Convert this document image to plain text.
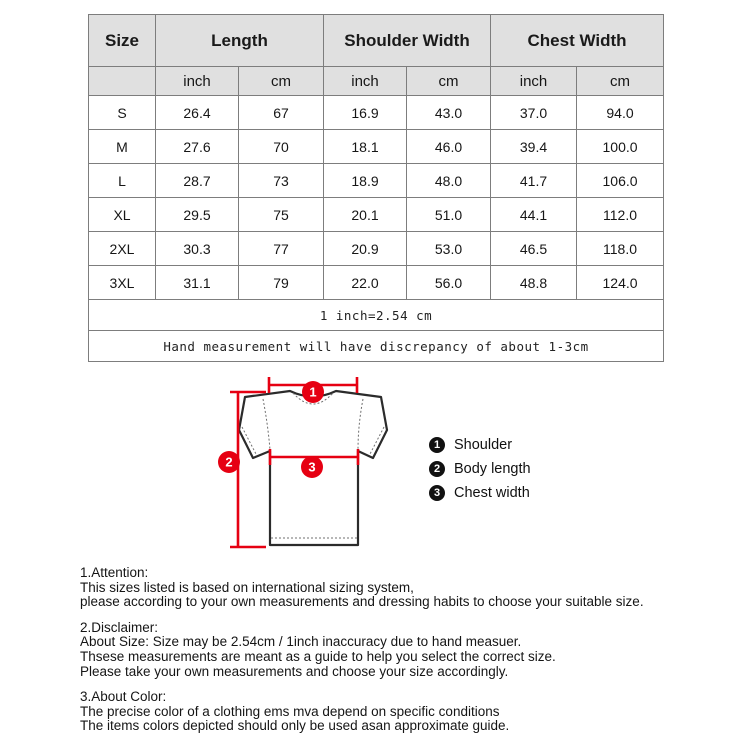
Size	Length		Shoulder Width		Chest Width	
	inch	cm	inch	cm	inch	cm
S	26.4	67	16.9	43.0	37.0	94.0
M	27.6	70	18.1	46.0	39.4	100.0
L	28.7	73	18.9	48.0	41.7	106.0
XL	29.5	75	20.1	51.0	44.1	112.0
2XL	30.3	77	20.9	53.0	46.5	118.0
3XL	31.1	79	22.0	56.0	48.8	124.0
1 inch=2.54 cm						
Hand measurement will have discrepancy of about 1-3cm						
1
2	3
1 Shoulder
2 Body length
3 Chest width

1.Attention:

This sizes listed is based on international sizing system,

please according to your own measurements and dressing habits to choose your suitable size.

2.Disclaimer:

About Size: Size may be 2.54cm / 1inch inaccuracy due to hand measuer.

Thsese measurements are meant as a guide to help you select the correct size.

Please take your own measurements and choose your size accordingly.

3.About Color:

The precise color of a clothing ems mva depend on specific conditions

The items colors depicted should only be used asan approximate guide.
